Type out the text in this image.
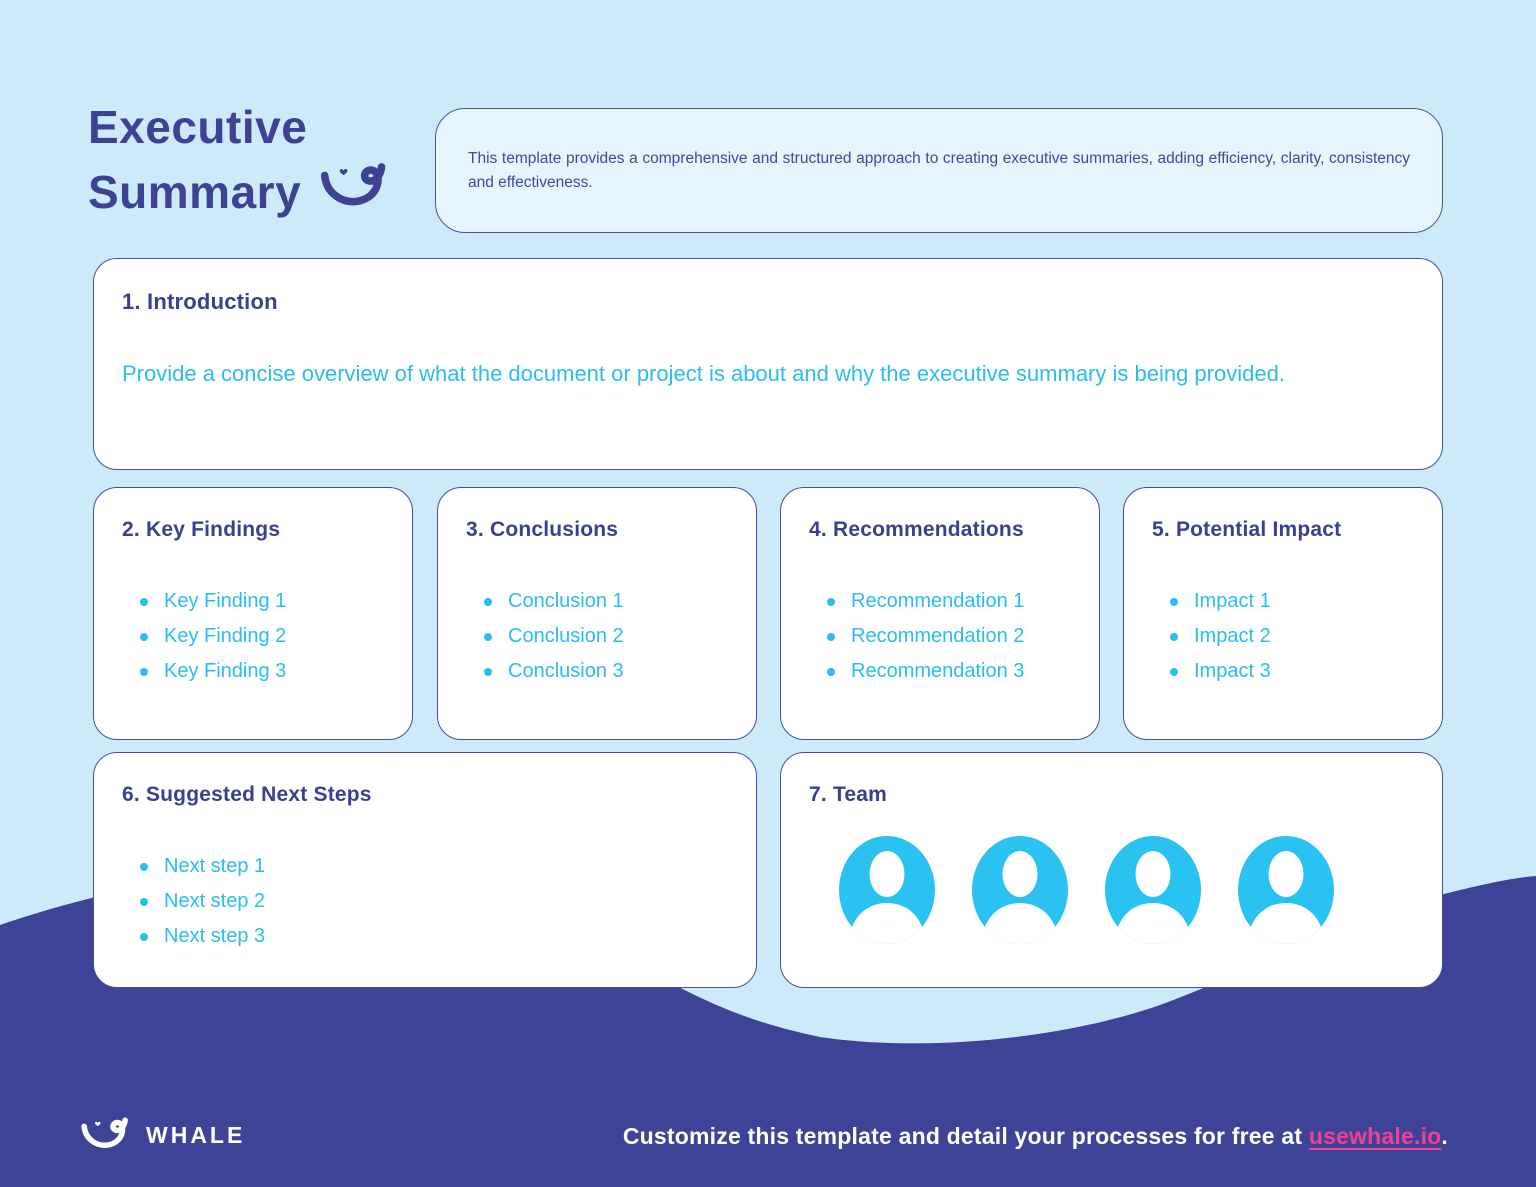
Executive
Summary

This template provides a comprehensive and structured approach to creating executive summaries, adding efficiency, clarity, consistency and effectiveness.

1. Introduction

Provide a concise overview of what the document or project is about and why the executive summary is being provided.

2. Key Findings
Key Finding 1
Key Finding 2
Key Finding 3
3. Conclusions
Conclusion 1
Conclusion 2
Conclusion 3
4. Recommendations
Recommendation 1
Recommendation 2
Recommendation 3
5. Potential Impact
Impact 1
Impact 2
Impact 3
6. Suggested Next Steps
Next step 1
Next step 2
Next step 3
7. Team
WHALE	Customize this template and detail your processes for free at usewhale.io.
